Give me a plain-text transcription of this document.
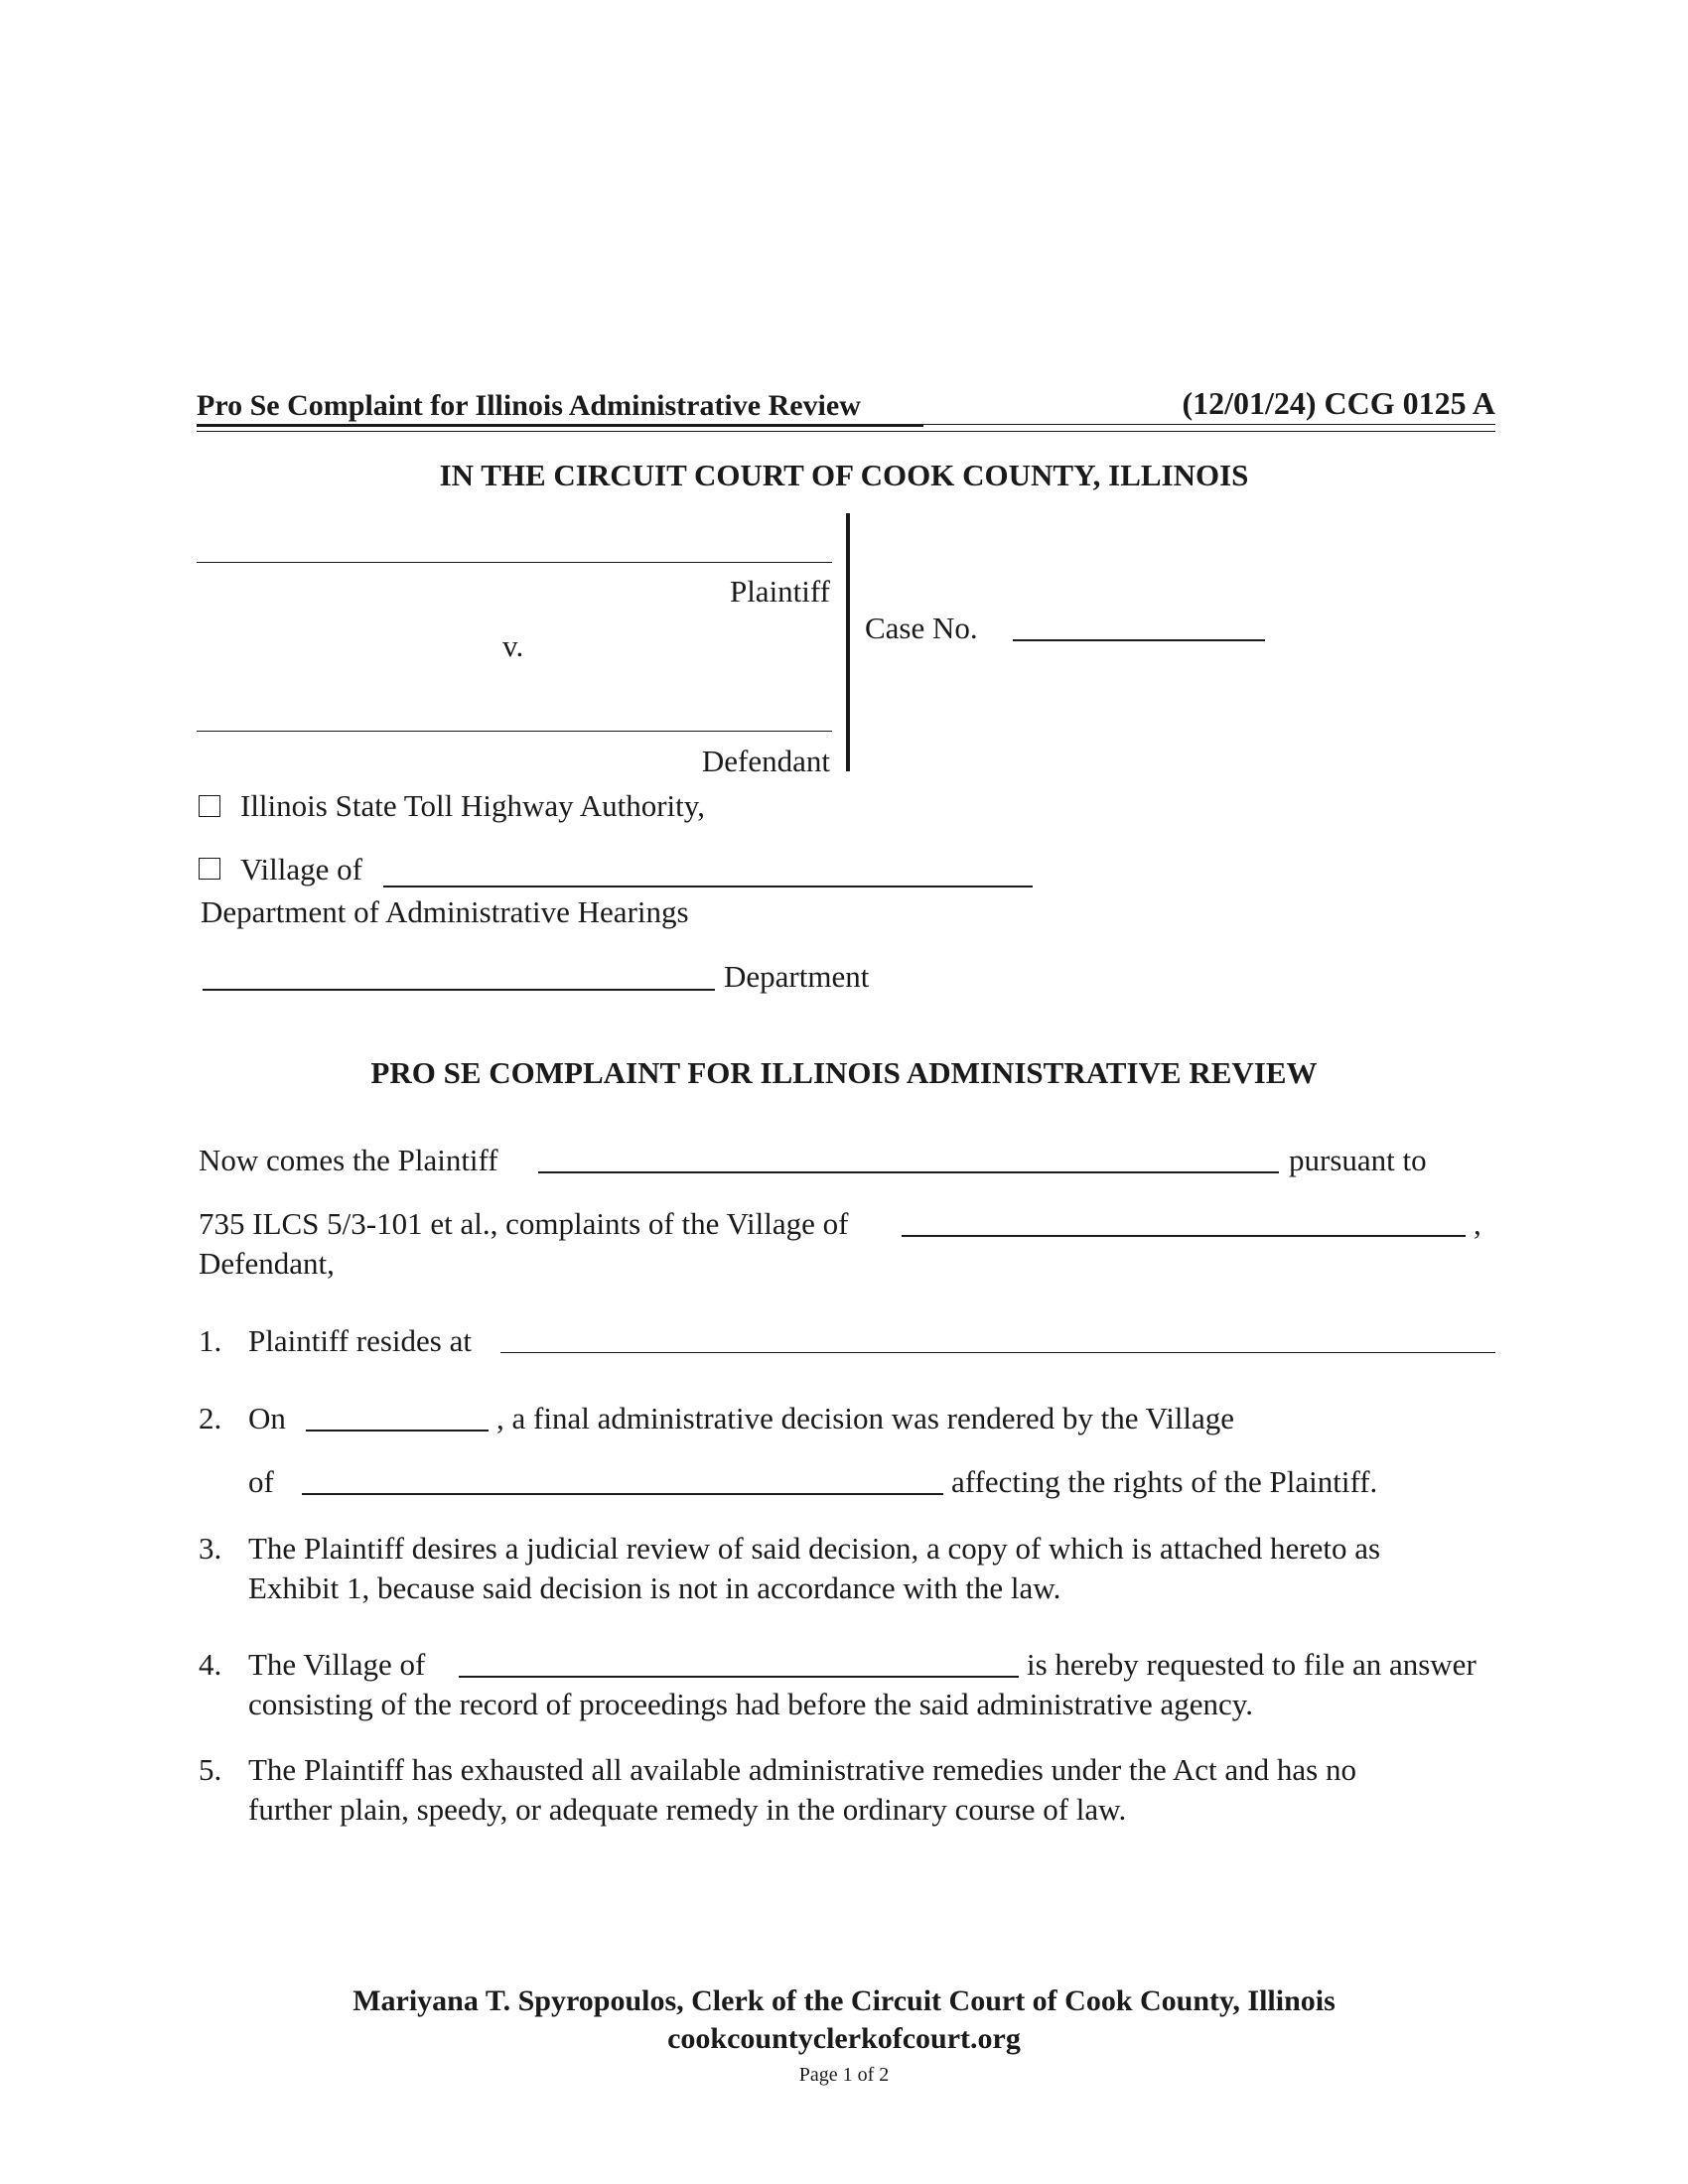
Pro Se Complaint for Illinois Administrative Review	(12/01/24) CCG 0125 A
IN THE CIRCUIT COURT OF COOK COUNTY, ILLINOIS
Plaintiff
v.
Defendant
Case No.
Illinois State Toll Highway Authority,
Village of
Department of Administrative Hearings
Department
PRO SE COMPLAINT FOR ILLINOIS ADMINISTRATIVE REVIEW
Now comes the Plaintiff	pursuant to
735 ILCS 5/3-101 et al., complaints of the Village of	,
Defendant,
1. Plaintiff resides at
2. On	, a final administrative decision was rendered by the Village
of	affecting the rights of the Plaintiff.
3. The Plaintiff desires a judicial review of said decision, a copy of which is attached hereto as
Exhibit 1, because said decision is not in accordance with the law.
4. The Village of	is hereby requested to file an answer
consisting of the record of proceedings had before the said administrative agency.
5. The Plaintiff has exhausted all available administrative remedies under the Act and has no
further plain, speedy, or adequate remedy in the ordinary course of law.
Mariyana T. Spyropoulos, Clerk of the Circuit Court of Cook County, Illinois
cookcountyclerkofcourt.org
Page 1 of 2
